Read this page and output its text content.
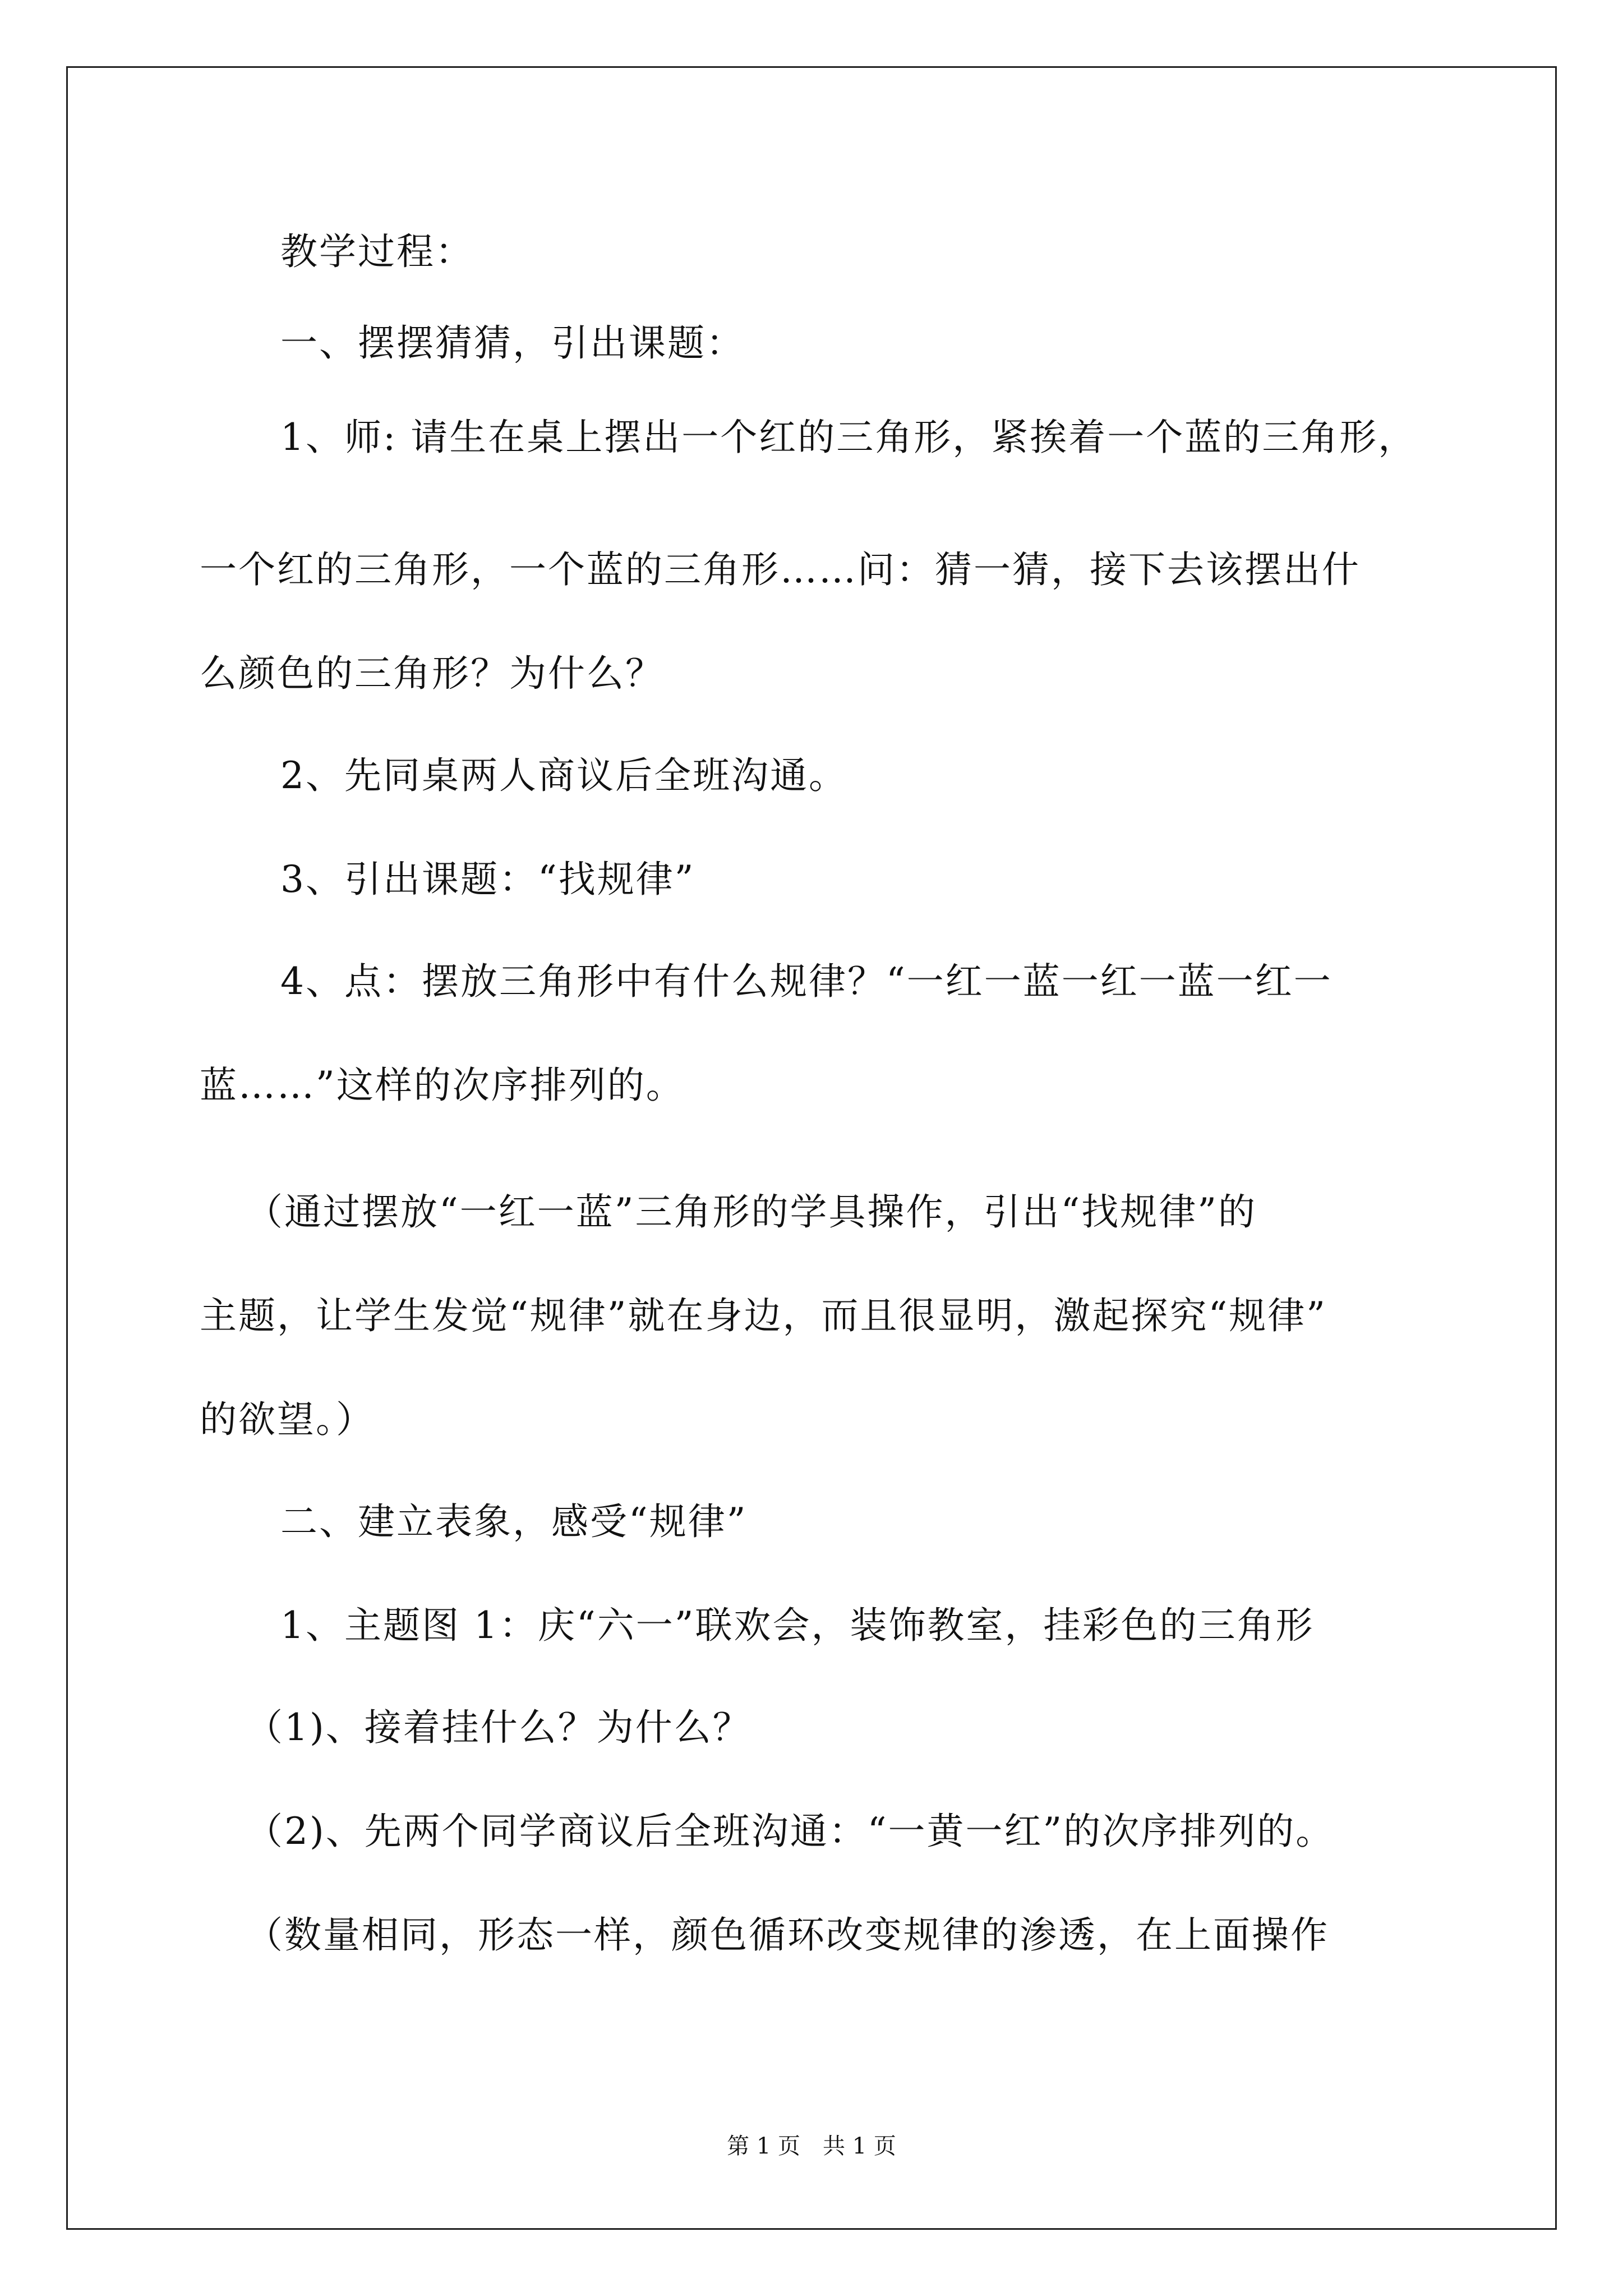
教学过程：
一、摆摆猜猜，引出课题：
1、师: 请生在桌上摆出一个红的三角形，紧挨着一个蓝的三角形，
一个红的三角形，一个蓝的三角形……问：猜一猜，接下去该摆出什
么颜色的三角形？为什么？
2、先同桌两人商议后全班沟通。
3、引出课题：“找规律”
4、点：摆放三角形中有什么规律？“一红一蓝一红一蓝一红一
蓝……”这样的次序排列的。
（通过摆放“一红一蓝”三角形的学具操作，引出“找规律”的
主题，让学生发觉“规律”就在身边，而且很显明，激起探究“规律”
的欲望。）
二、建立表象，感受“规律”
1、主题图 1：庆“六一”联欢会，装饰教室，挂彩色的三角形
（1)、接着挂什么？为什么？
（2)、先两个同学商议后全班沟通：“一黄一红”的次序排列的。
（数量相同，形态一样，颜色循环改变规律的渗透，在上面操作
第 1 页　共 1 页
